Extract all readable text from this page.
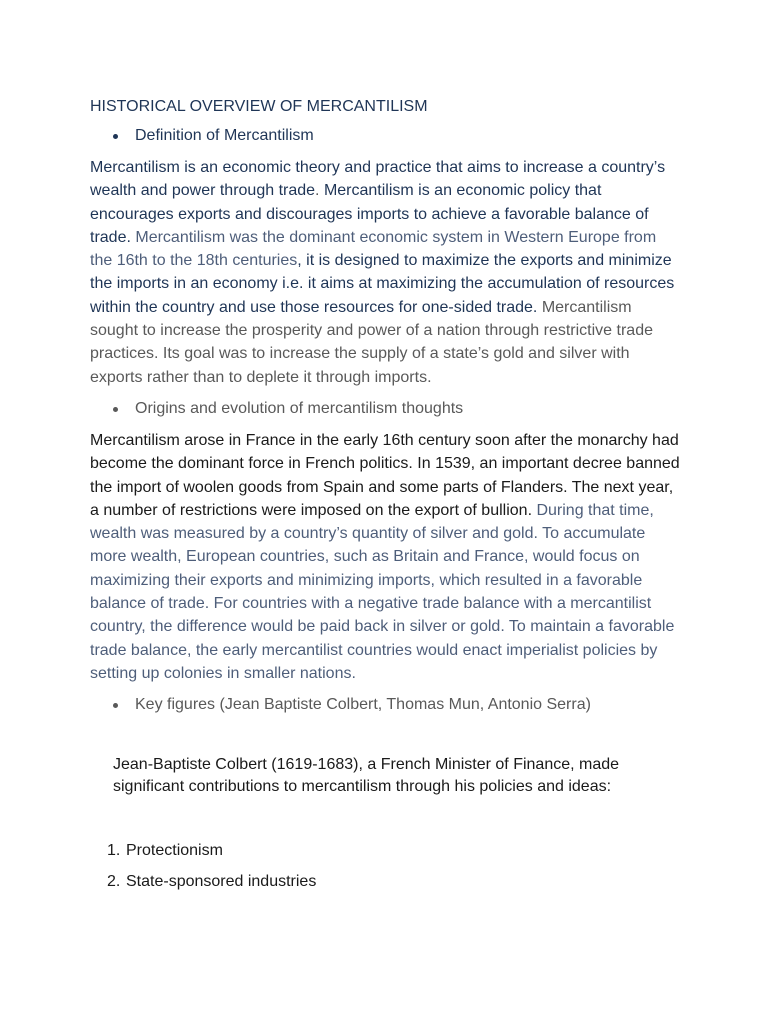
HISTORICAL OVERVIEW OF MERCANTILISM
Definition of Mercantilism

Mercantilism is an economic theory and practice that aims to increase a country’s wealth and power through trade. Mercantilism is an economic policy that encourages exports and discourages imports to achieve a favorable balance of trade. Mercantilism was the dominant economic system in Western Europe from the 16th to the 18th centuries, it is designed to maximize the exports and minimize the imports in an economy i.e. it aims at maximizing the accumulation of resources within the country and use those resources for one-sided trade. Mercantilism sought to increase the prosperity and power of a nation through restrictive trade practices. Its goal was to increase the supply of a state’s gold and silver with exports rather than to deplete it through imports.

Origins and evolution of mercantilism thoughts

Mercantilism arose in France in the early 16th century soon after the monarchy had become the dominant force in French politics. In 1539, an important decree banned the import of woolen goods from Spain and some parts of Flanders. The next year, a number of restrictions were imposed on the export of bullion. During that time, wealth was measured by a country’s quantity of silver and gold. To accumulate more wealth, European countries, such as Britain and France, would focus on maximizing their exports and minimizing imports, which resulted in a favorable balance of trade. For countries with a negative trade balance with a mercantilist country, the difference would be paid back in silver or gold. To maintain a favorable trade balance, the early mercantilist countries would enact imperialist policies by setting up colonies in smaller nations.

Key figures (Jean Baptiste Colbert, Thomas Mun, Antonio Serra)
Jean-Baptiste Colbert (1619-1683), a French Minister of Finance, made significant contributions to mercantilism through his policies and ideas:
1. Protectionism
2. State-sponsored industries
